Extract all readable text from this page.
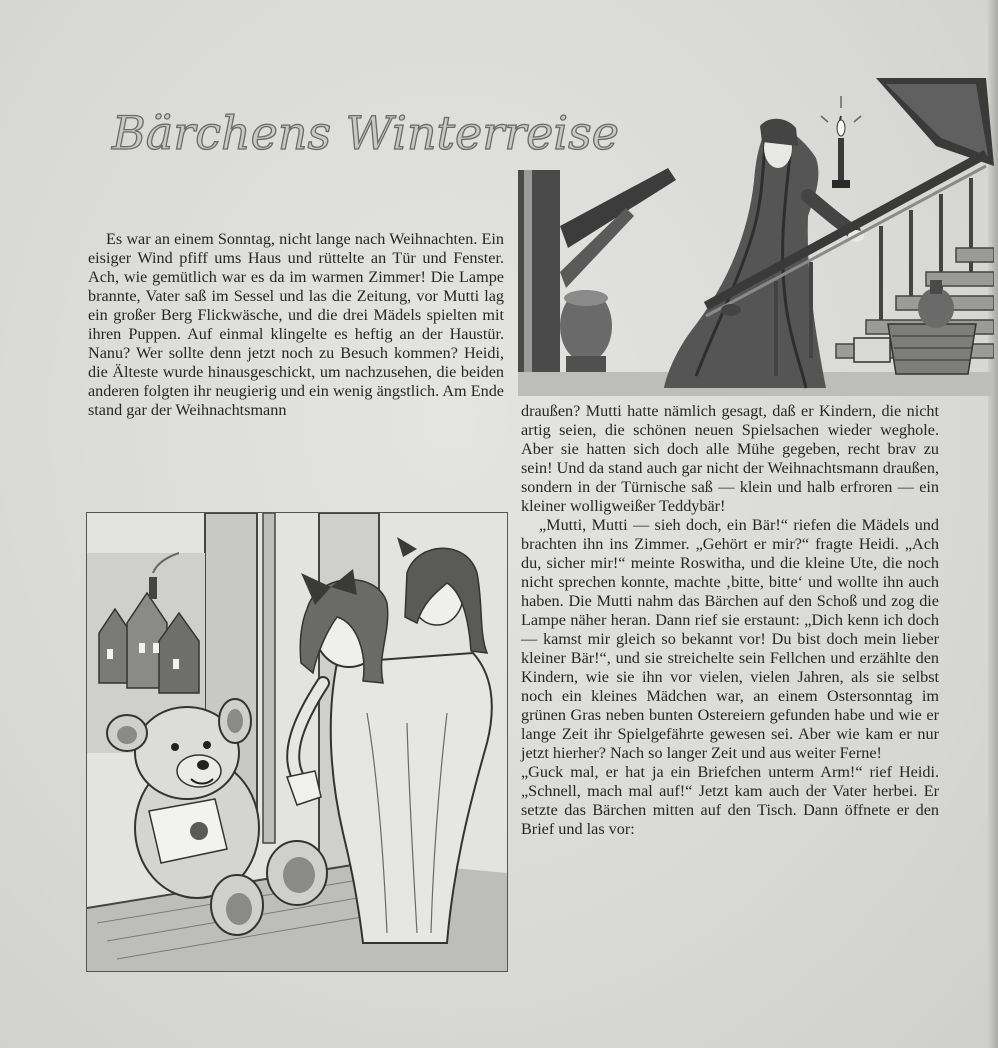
Bärchens Winterreise

Es war an einem Sonntag, nicht lange nach Weihnachten. Ein eisiger Wind pfiff ums Haus und rüttelte an Tür und Fenster. Ach, wie gemütlich war es da im warmen Zimmer! Die Lampe brannte, Vater saß im Sessel und las die Zeitung, vor Mutti lag ein großer Berg Flickwäsche, und die drei Mädels spielten mit ihren Puppen. Auf einmal klingelte es heftig an der Haustür. Nanu? Wer sollte denn jetzt noch zu Besuch kommen? Heidi, die Älteste wurde hinausgeschickt, um nachzusehen, die beiden anderen folgten ihr neugierig und ein wenig ängstlich. Am Ende stand gar der Weihnachtsmann	draußen? Mutti hatte nämlich gesagt, daß er Kindern, die nicht artig seien, die schönen neuen Spielsachen wieder weghole. Aber sie hatten sich doch alle Mühe gegeben, recht brav zu sein! Und da stand auch gar nicht der Weihnachtsmann draußen, sondern in der Türnische saß — klein und halb erfroren — ein kleiner wolligweißer Teddybär!

„Mutti, Mutti — sieh doch, ein Bär!“ riefen die Mädels und brachten ihn ins Zimmer. „Gehört er mir?“ fragte Heidi. „Ach du, sicher mir!“ meinte Roswitha, und die kleine Ute, die noch nicht sprechen konnte, machte ‚bitte, bitte‘ und wollte ihn auch haben. Die Mutti nahm das Bärchen auf den Schoß und zog die Lampe näher heran. Dann rief sie erstaunt: „Dich kenn ich doch — kamst mir gleich so bekannt vor! Du bist doch mein lieber kleiner Bär!“, und sie streichelte sein Fellchen und erzählte den Kindern, wie sie ihn vor vielen, vielen Jahren, als sie selbst noch ein kleines Mädchen war, an einem Ostersonntag im grünen Gras neben bunten Ostereiern gefunden habe und wie er lange Zeit ihr Spielgefährte gewesen sei. Aber wie kam er nur jetzt hierher? Nach so langer Zeit und aus weiter Ferne!

„Guck mal, er hat ja ein Briefchen unterm Arm!“ rief Heidi. „Schnell, mach mal auf!“ Jetzt kam auch der Vater herbei. Er setzte das Bärchen mitten auf den Tisch. Dann öffnete er den Brief und las vor:
